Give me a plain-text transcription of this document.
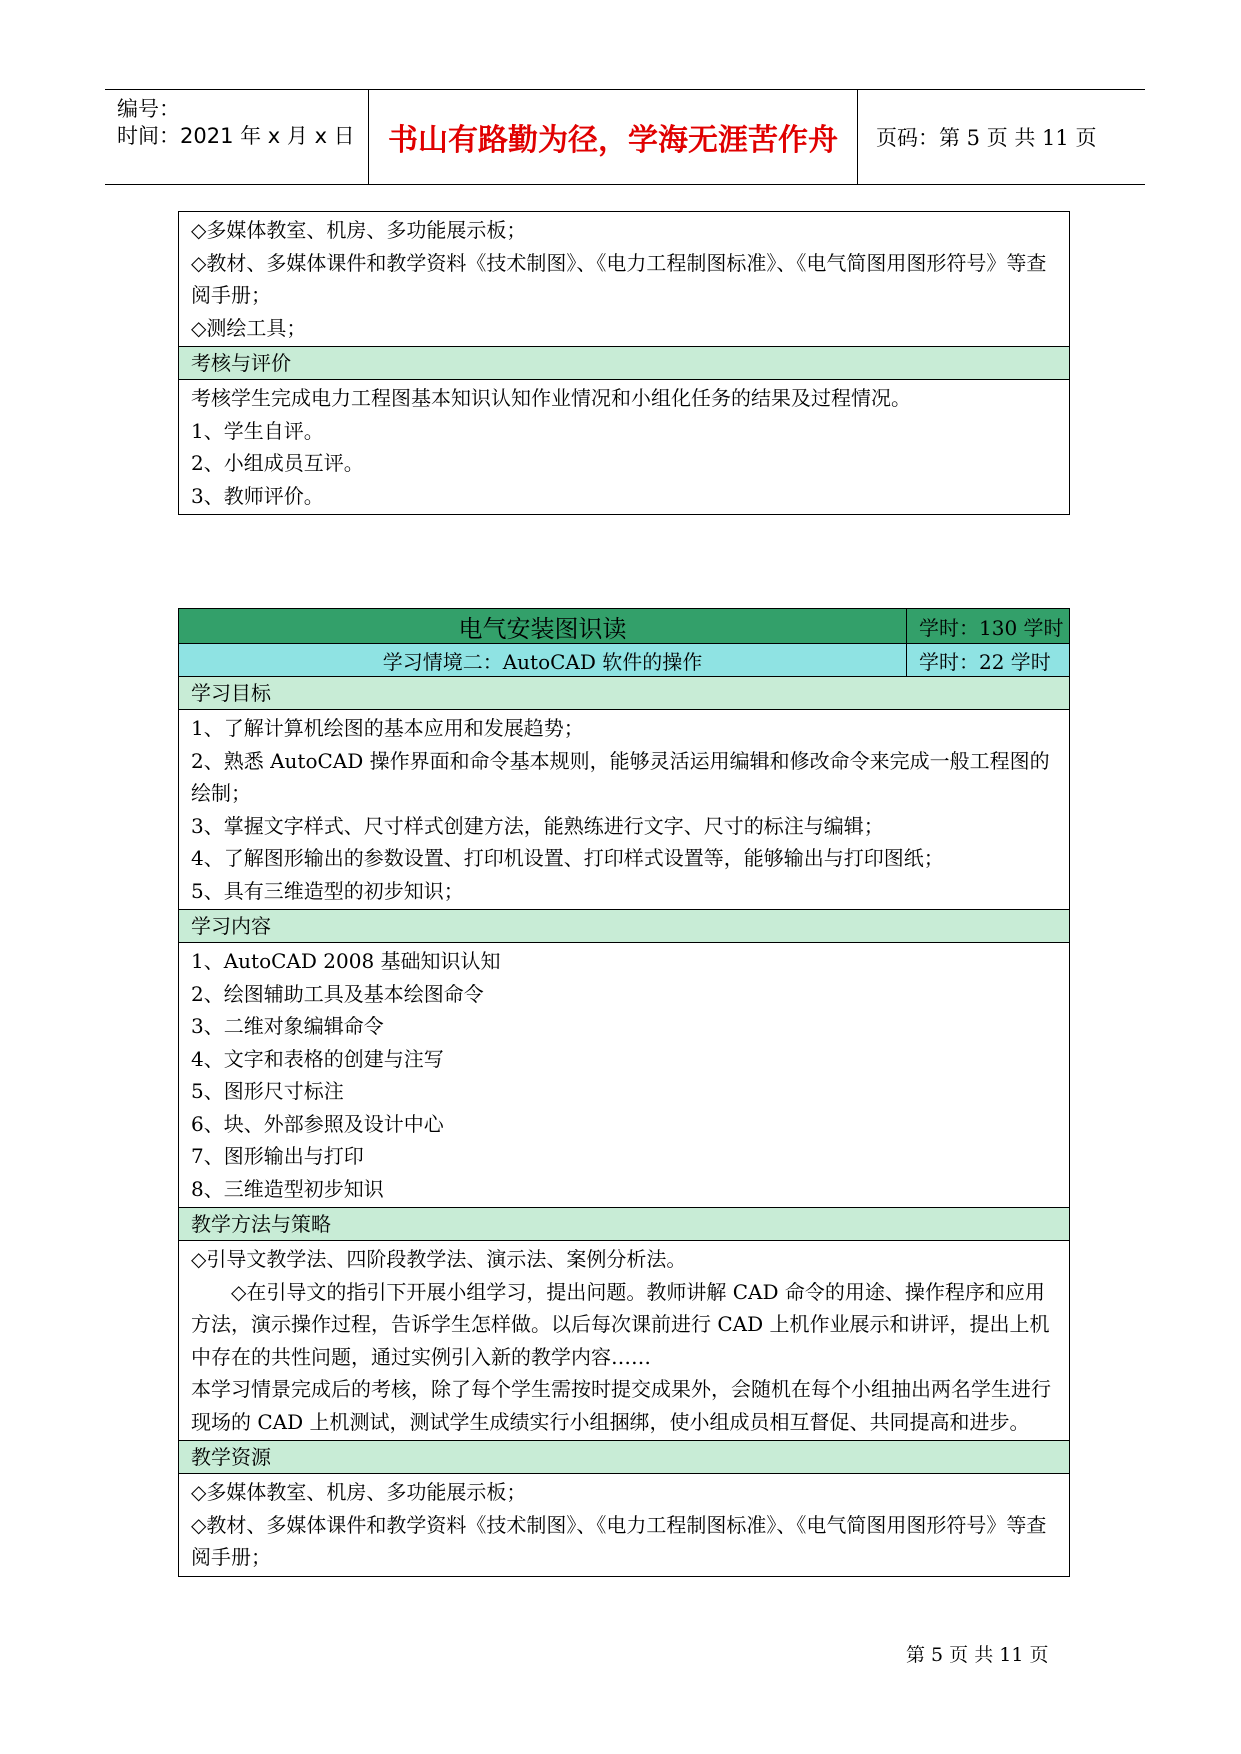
编号：
时间：2021 年 x 月 x 日	书山有路勤为径，学海无涯苦作舟	页码：第 5 页 共 11 页

◇多媒体教室、机房、多功能展示板；

◇教材、多媒体课件和教学资料《技术制图》、《电力工程制图标准》、《电气简图用图形符号》等查阅手册；

◇测绘工具；

考核与评价

考核学生完成电力工程图基本知识认知作业情况和小组化任务的结果及过程情况。

1、学生自评。

2、小组成员互评。

3、教师评价。

电气安装图识读	学时：130 学时
学习情境二：AutoCAD 软件的操作	学时：22 学时
学习目标

1、了解计算机绘图的基本应用和发展趋势；

2、熟悉 AutoCAD 操作界面和命令基本规则，能够灵活运用编辑和修改命令来完成一般工程图的绘制；

3、掌握文字样式、尺寸样式创建方法，能熟练进行文字、尺寸的标注与编辑；

4、了解图形输出的参数设置、打印机设置、打印样式设置等，能够输出与打印图纸；

5、具有三维造型的初步知识；

学习内容

1、AutoCAD 2008 基础知识认知

2、绘图辅助工具及基本绘图命令

3、二维对象编辑命令

4、文字和表格的创建与注写

5、图形尺寸标注

6、块、外部参照及设计中心

7、图形输出与打印

8、三维造型初步知识

教学方法与策略

◇引导文教学法、四阶段教学法、演示法、案例分析法。

◇在引导文的指引下开展小组学习，提出问题。教师讲解 CAD 命令的用途、操作程序和应用方法，演示操作过程，告诉学生怎样做。以后每次课前进行 CAD 上机作业展示和讲评，提出上机中存在的共性问题，通过实例引入新的教学内容……

本学习情景完成后的考核，除了每个学生需按时提交成果外，会随机在每个小组抽出两名学生进行现场的 CAD 上机测试，测试学生成绩实行小组捆绑，使小组成员相互督促、共同提高和进步。

教学资源

◇多媒体教室、机房、多功能展示板；

◇教材、多媒体课件和教学资料《技术制图》、《电力工程制图标准》、《电气简图用图形符号》等查阅手册；

第 5 页 共 11 页
